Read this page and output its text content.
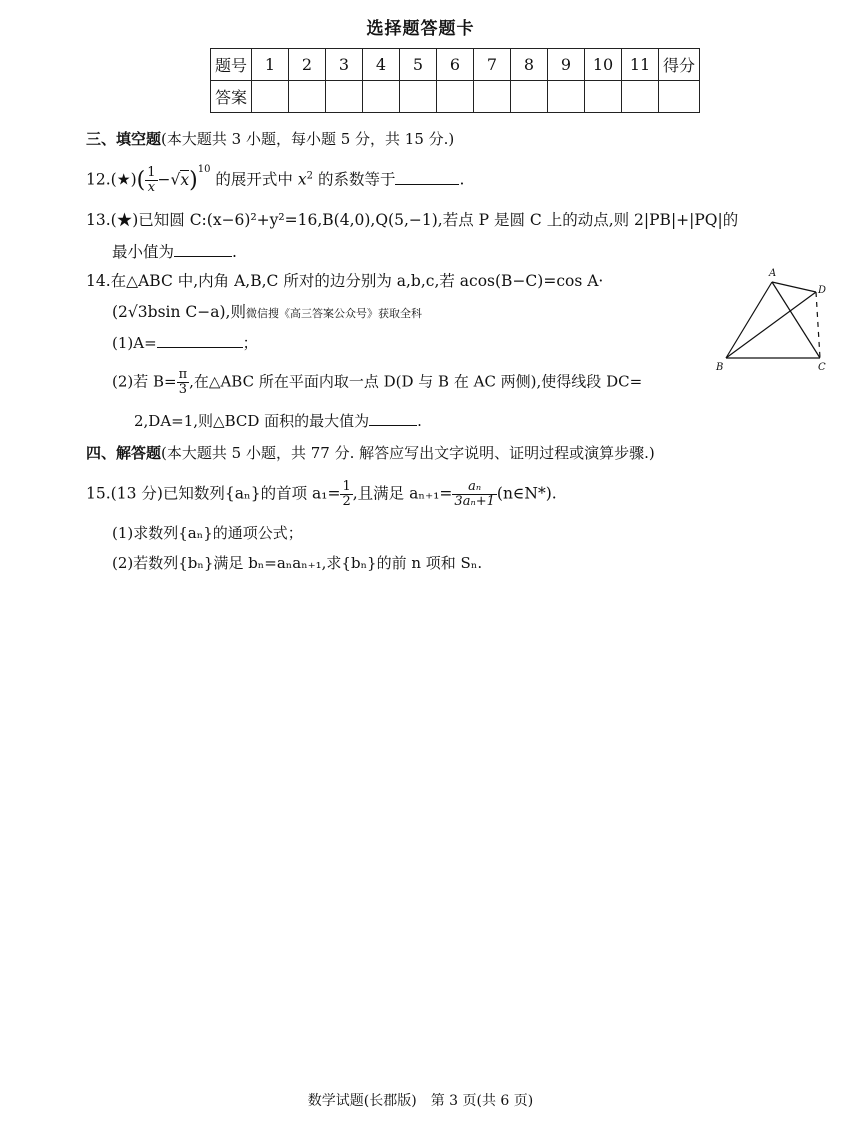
选择题答题卡
题号	1	2	3	4	5	6	7	8	9	10	11	得分
答案												
三、填空题(本大题共 3 小题，每小题 5 分，共 15 分.)
12.(★)( $\frac{1}{x} -√x)^{10}$ 的展开式中 $x^2$ 的系数等于	.
13.(★)已知圆 C:(x−6)²+y²=16,B(4,0),Q(5,−1),若点 P 是圆 C 上的动点,则 2|PB|+|PQ|的
最小值为	.
14.在△ABC 中,内角 A,B,C 所对的边分别为 a,b,c,若 acos(B−C)=cos A·
(2√3bsin C−a),则微信搜《高三答案公众号》获取全科
(1)A=	；
(2)若 $B= \frac{\pi}{3}$ ,在△ABC 所在平面内取一点 D(D 与 B 在 AC 两侧),使得线段 DC=
2,DA=1,则△BCD 面积的最大值为	.
A
D
B	C
四、解答题(本大题共 5 小题，共 77 分. 解答应写出文字说明、证明过程或演算步骤.)
15.(13 分)已知数列{aₙ}的首项 $a_1= \frac{1}{2}$ ,且满足 $a_{n+1}= \frac{\text{aₙ}}{\text{3aₙ+1}}$ (n∈N*).
(1)求数列{aₙ}的通项公式；
(2)若数列{bₙ}满足 bₙ=aₙaₙ₊₁,求{bₙ}的前 n 项和 Sₙ.
数学试题(长郡版)　第 3 页(共 6 页)
